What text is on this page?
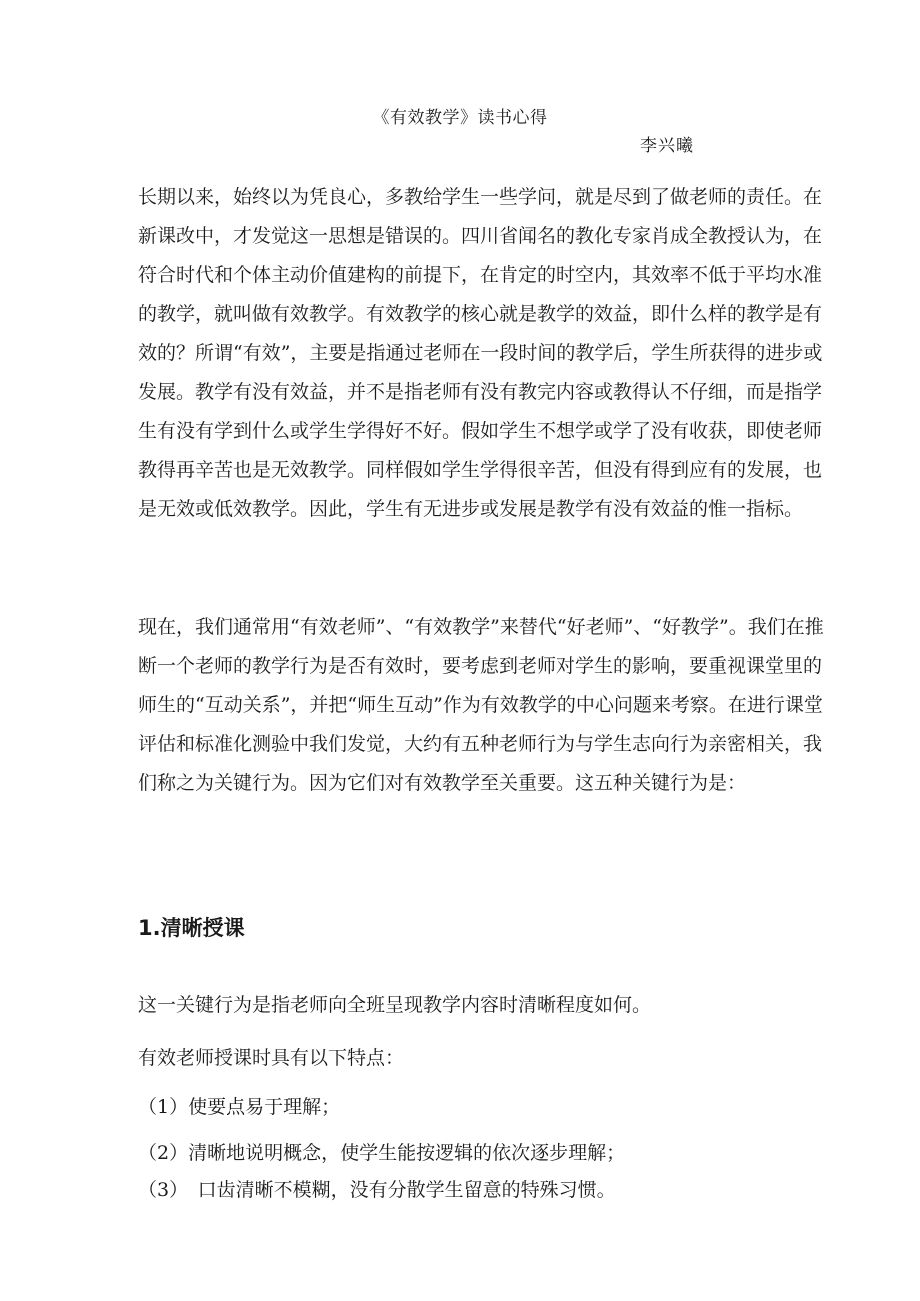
《有效教学》读书心得
李兴曦

长期以来，始终以为凭良心，多教给学生一些学问，就是尽到了做老师的责任。在新课改中，才发觉这一思想是错误的。四川省闻名的教化专家肖成全教授认为，在符合时代和个体主动价值建构的前提下，在肯定的时空内，其效率不低于平均水准的教学，就叫做有效教学。有效教学的核心就是教学的效益，即什么样的教学是有效的？所谓“有效”，主要是指通过老师在一段时间的教学后，学生所获得的进步或发展。教学有没有效益，并不是指老师有没有教完内容或教得认不仔细，而是指学生有没有学到什么或学生学得好不好。假如学生不想学或学了没有收获，即使老师教得再辛苦也是无效教学。同样假如学生学得很辛苦，但没有得到应有的发展，也是无效或低效教学。因此，学生有无进步或发展是教学有没有效益的惟一指标。

现在，我们通常用“有效老师”、“有效教学”来替代“好老师”、“好教学”。我们在推断一个老师的教学行为是否有效时，要考虑到老师对学生的影响，要重视课堂里的师生的“互动关系”，并把“师生互动”作为有效教学的中心问题来考察。在进行课堂评估和标准化测验中我们发觉，大约有五种老师行为与学生志向行为亲密相关，我们称之为关键行为。因为它们对有效教学至关重要。这五种关键行为是：

1.清晰授课
这一关键行为是指老师向全班呈现教学内容时清晰程度如何。
有效老师授课时具有以下特点：
（1）使要点易于理解；
（2）清晰地说明概念，使学生能按逻辑的依次逐步理解；
（3）　口齿清晰不模糊，没有分散学生留意的特殊习惯。
